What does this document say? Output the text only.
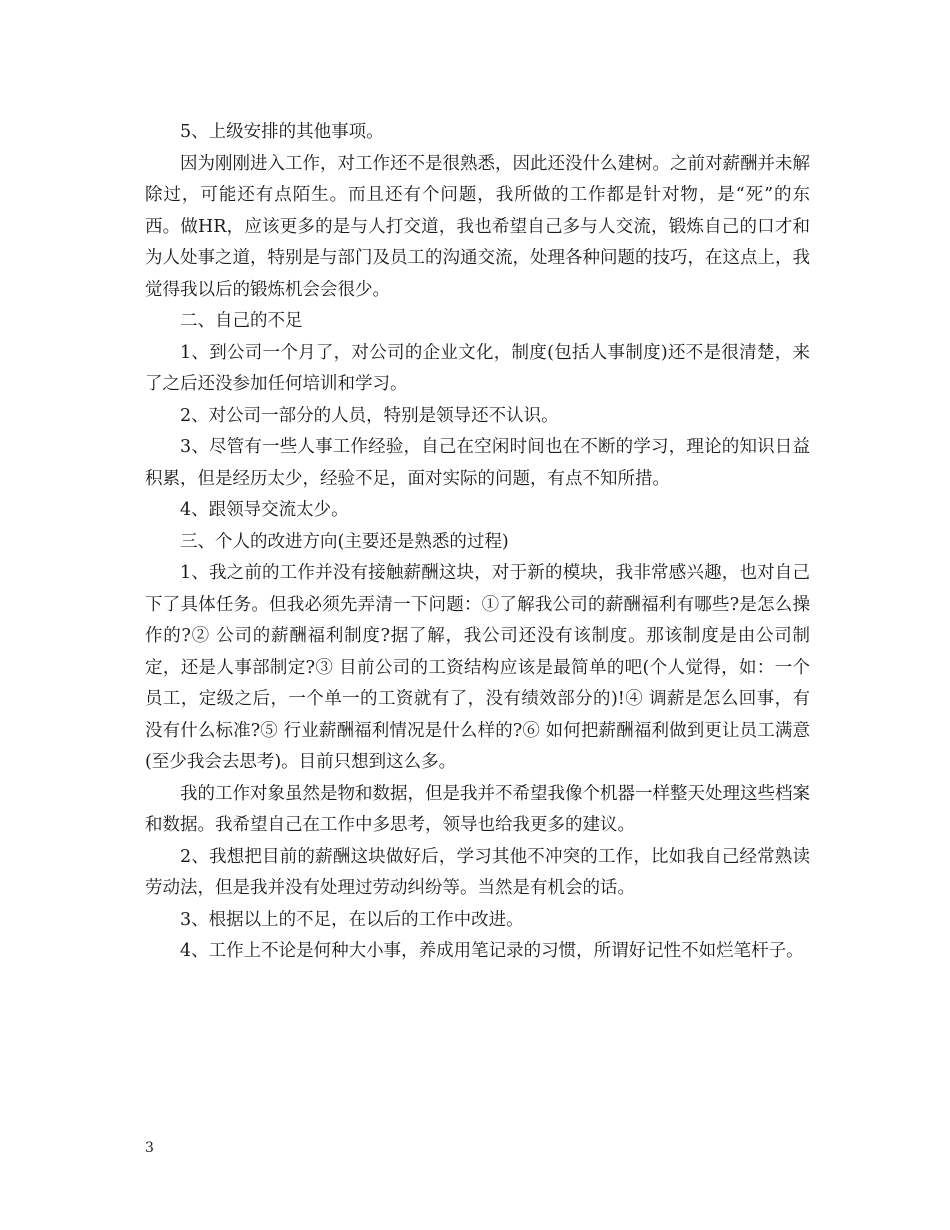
5、上级安排的其他事项。

因为刚刚进入工作，对工作还不是很熟悉，因此还没什么建树。之前对薪酬并未解除过，可能还有点陌生。而且还有个问题，我所做的工作都是针对物，是“死”的东西。做HR，应该更多的是与人打交道，我也希望自己多与人交流，锻炼自己的口才和为人处事之道，特别是与部门及员工的沟通交流，处理各种问题的技巧，在这点上，我觉得我以后的锻炼机会会很少。

二、自己的不足

1、到公司一个月了，对公司的企业文化，制度(包括人事制度)还不是很清楚，来了之后还没参加任何培训和学习。

2、对公司一部分的人员，特别是领导还不认识。

3、尽管有一些人事工作经验，自己在空闲时间也在不断的学习，理论的知识日益积累，但是经历太少，经验不足，面对实际的问题，有点不知所措。

4、跟领导交流太少。

三、个人的改进方向(主要还是熟悉的过程)

1、我之前的工作并没有接触薪酬这块，对于新的模块，我非常感兴趣，也对自己下了具体任务。但我必须先弄清一下问题：①了解我公司的薪酬福利有哪些?是怎么操作的?② 公司的薪酬福利制度?据了解，我公司还没有该制度。那该制度是由公司制定，还是人事部制定?③ 目前公司的工资结构应该是最简单的吧(个人觉得，如：一个员工，定级之后，一个单一的工资就有了，没有绩效部分的)!④ 调薪是怎么回事，有没有什么标准?⑤ 行业薪酬福利情况是什么样的?⑥ 如何把薪酬福利做到更让员工满意(至少我会去思考)。目前只想到这么多。

我的工作对象虽然是物和数据，但是我并不希望我像个机器一样整天处理这些档案和数据。我希望自己在工作中多思考，领导也给我更多的建议。

2、我想把目前的薪酬这块做好后，学习其他不冲突的工作，比如我自己经常熟读劳动法，但是我并没有处理过劳动纠纷等。当然是有机会的话。

3、根据以上的不足，在以后的工作中改进。

4、工作上不论是何种大小事，养成用笔记录的习惯，所谓好记性不如烂笔杆子。

3
